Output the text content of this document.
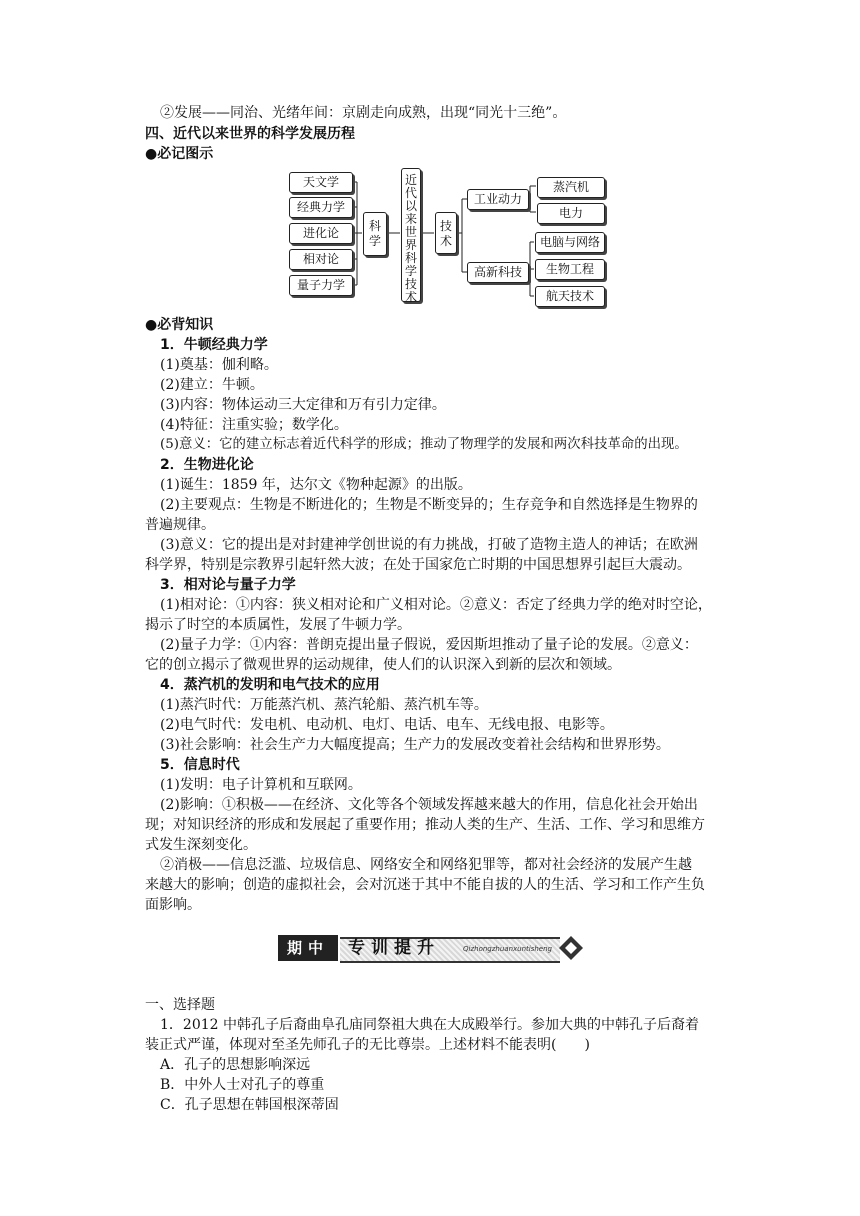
②发展——同治、光绪年间：京剧走向成熟，出现“同光十三绝”。
四、近代以来世界的科学发展历程
●必记图示
天文学
经典力学
进化论
相对论
量子力学
科学
近代以来世界科学技术
技术
工业动力
高新科技
蒸汽机
电力
电脑与网络
生物工程
航天技术
●必背知识
1．牛顿经典力学
(1)奠基：伽利略。
(2)建立：牛顿。
(3)内容：物体运动三大定律和万有引力定律。
(4)特征：注重实验；数学化。
(5)意义：它的建立标志着近代科学的形成；推动了物理学的发展和两次科技革命的出现。
2．生物进化论
(1)诞生：1859 年，达尔文《物种起源》的出版。
(2)主要观点：生物是不断进化的；生物是不断变异的；生存竞争和自然选择是生物界的
普遍规律。
(3)意义：它的提出是对封建神学创世说的有力挑战，打破了造物主造人的神话；在欧洲
科学界，特别是宗教界引起轩然大波；在处于国家危亡时期的中国思想界引起巨大震动。
3．相对论与量子力学
(1)相对论：①内容：狭义相对论和广义相对论。②意义：否定了经典力学的绝对时空论，
揭示了时空的本质属性，发展了牛顿力学。
(2)量子力学：①内容：普朗克提出量子假说，爱因斯坦推动了量子论的发展。②意义：
它的创立揭示了微观世界的运动规律，使人们的认识深入到新的层次和领域。
4．蒸汽机的发明和电气技术的应用
(1)蒸汽时代：万能蒸汽机、蒸汽轮船、蒸汽机车等。
(2)电气时代：发电机、电动机、电灯、电话、电车、无线电报、电影等。
(3)社会影响：社会生产力大幅度提高；生产力的发展改变着社会结构和世界形势。
5．信息时代
(1)发明：电子计算机和互联网。
(2)影响：①积极——在经济、文化等各个领域发挥越来越大的作用，信息化社会开始出
现；对知识经济的形成和发展起了重要作用；推动人类的生产、生活、工作、学习和思维方
式发生深刻变化。
②消极——信息泛滥、垃圾信息、网络安全和网络犯罪等，都对社会经济的发展产生越
来越大的影响；创造的虚拟社会，会对沉迷于其中不能自拔的人的生活、学习和工作产生负
面影响。
期中	专训提升	Qizhongzhuanxuntisheng
一、选择题
1．2012 中韩孔子后裔曲阜孔庙同祭祖大典在大成殿举行。参加大典的中韩孔子后裔着
装正式严谨，体现对至圣先师孔子的无比尊崇。上述材料不能表明(　　)
A．孔子的思想影响深远
B．中外人士对孔子的尊重
C．孔子思想在韩国根深蒂固
